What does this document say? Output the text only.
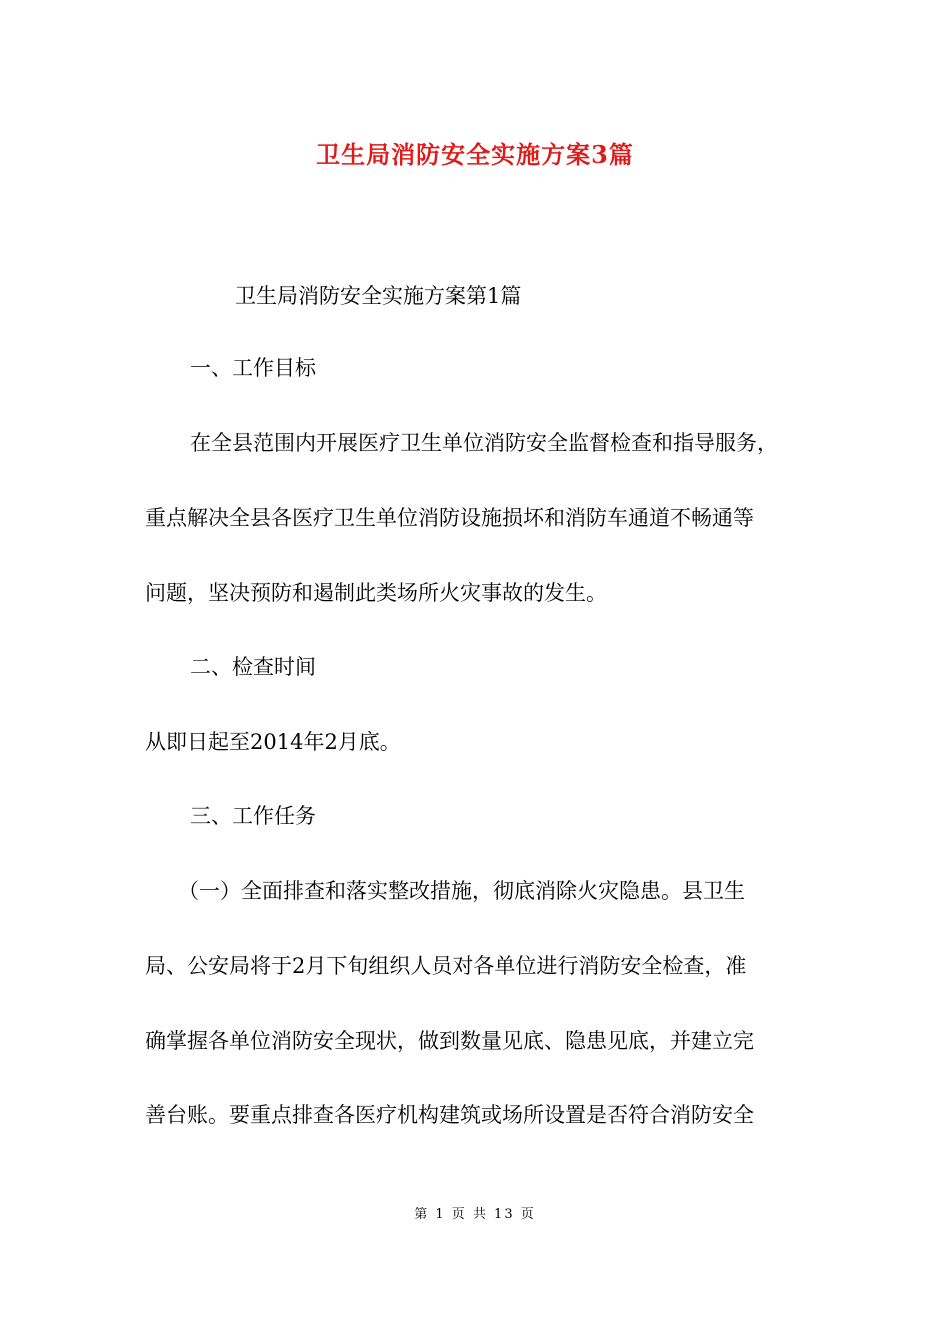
卫生局消防安全实施方案3篇
卫生局消防安全实施方案第1篇
一、工作目标
在全县范围内开展医疗卫生单位消防安全监督检查和指导服务，
重点解决全县各医疗卫生单位消防设施损坏和消防车通道不畅通等
问题，坚决预防和遏制此类场所火灾事故的发生。
二、检查时间
从即日起至2014年2月底。
三、工作任务
（一）全面排查和落实整改措施，彻底消除火灾隐患。县卫生
局、公安局将于2月下旬组织人员对各单位进行消防安全检查，准
确掌握各单位消防安全现状，做到数量见底、隐患见底，并建立完
善台账。要重点排查各医疗机构建筑或场所设置是否符合消防安全
第 1 页 共 13 页
